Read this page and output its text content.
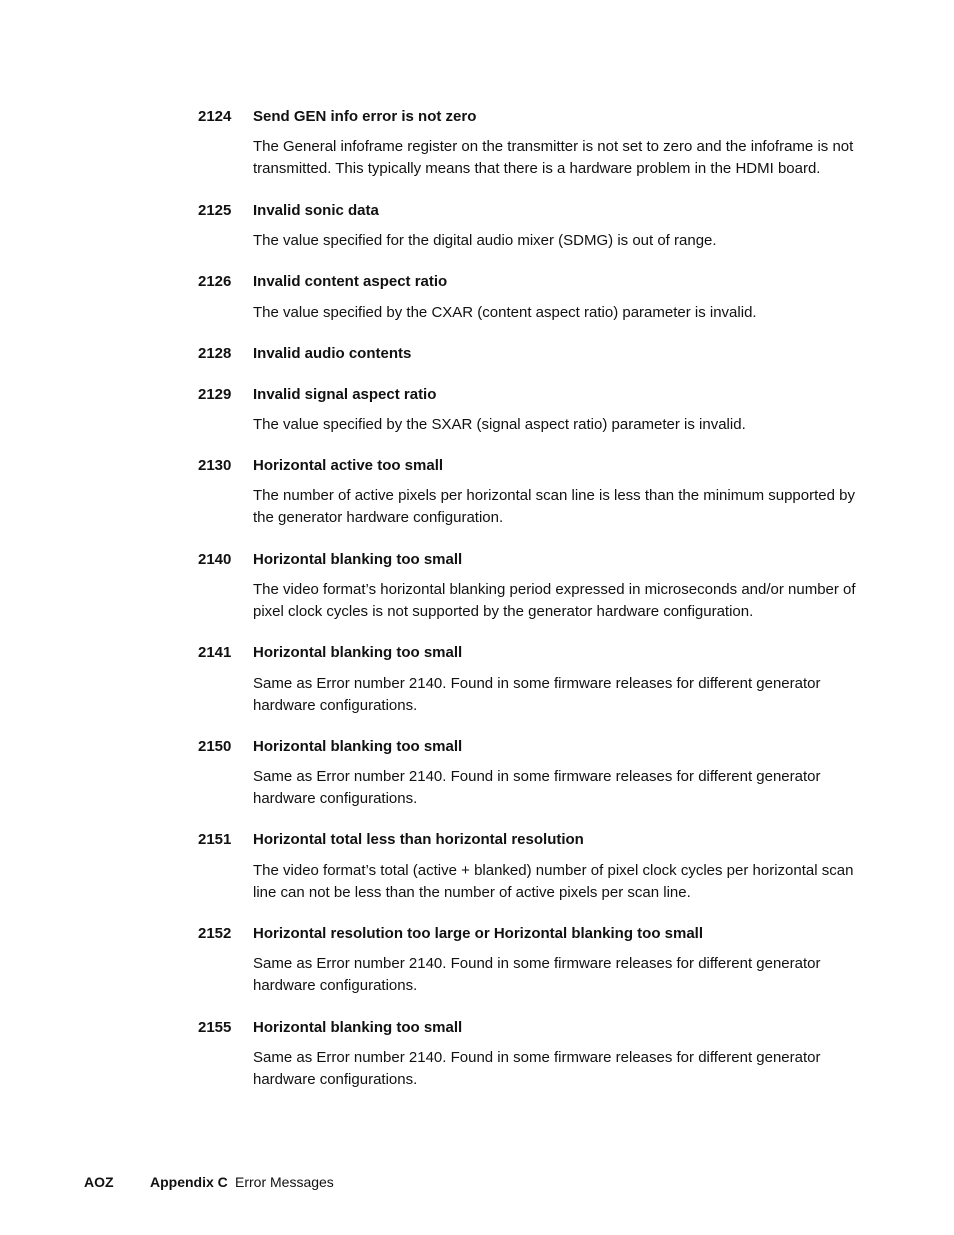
2124 Send GEN info error is not zero
The General infoframe register on the transmitter is not set to zero and the infoframe is not transmitted. This typically means that there is a hardware problem in the HDMI board.
2125 Invalid sonic data
The value specified for the digital audio mixer (SDMG) is out of range.
2126 Invalid content aspect ratio
The value specified by the CXAR (content aspect ratio) parameter is invalid.
2128 Invalid audio contents
2129 Invalid signal aspect ratio
The value specified by the SXAR (signal aspect ratio) parameter is invalid.
2130 Horizontal active too small
The number of active pixels per horizontal scan line is less than the minimum supported by the generator hardware configuration.
2140 Horizontal blanking too small
The video format’s horizontal blanking period expressed in microseconds and/or number of pixel clock cycles is not supported by the generator hardware configuration.
2141 Horizontal blanking too small
Same as Error number 2140. Found in some firmware releases for different generator hardware configurations.
2150 Horizontal blanking too small
Same as Error number 2140. Found in some firmware releases for different generator hardware configurations.
2151 Horizontal total less than horizontal resolution
The video format’s total (active + blanked) number of pixel clock cycles per horizontal scan line can not be less than the number of active pixels per scan line.
2152 Horizontal resolution too large or Horizontal blanking too small
Same as Error number 2140. Found in some firmware releases for different generator hardware configurations.
2155 Horizontal blanking too small
Same as Error number 2140. Found in some firmware releases for different generator hardware configurations.
AOZ	Appendix C Error Messages
